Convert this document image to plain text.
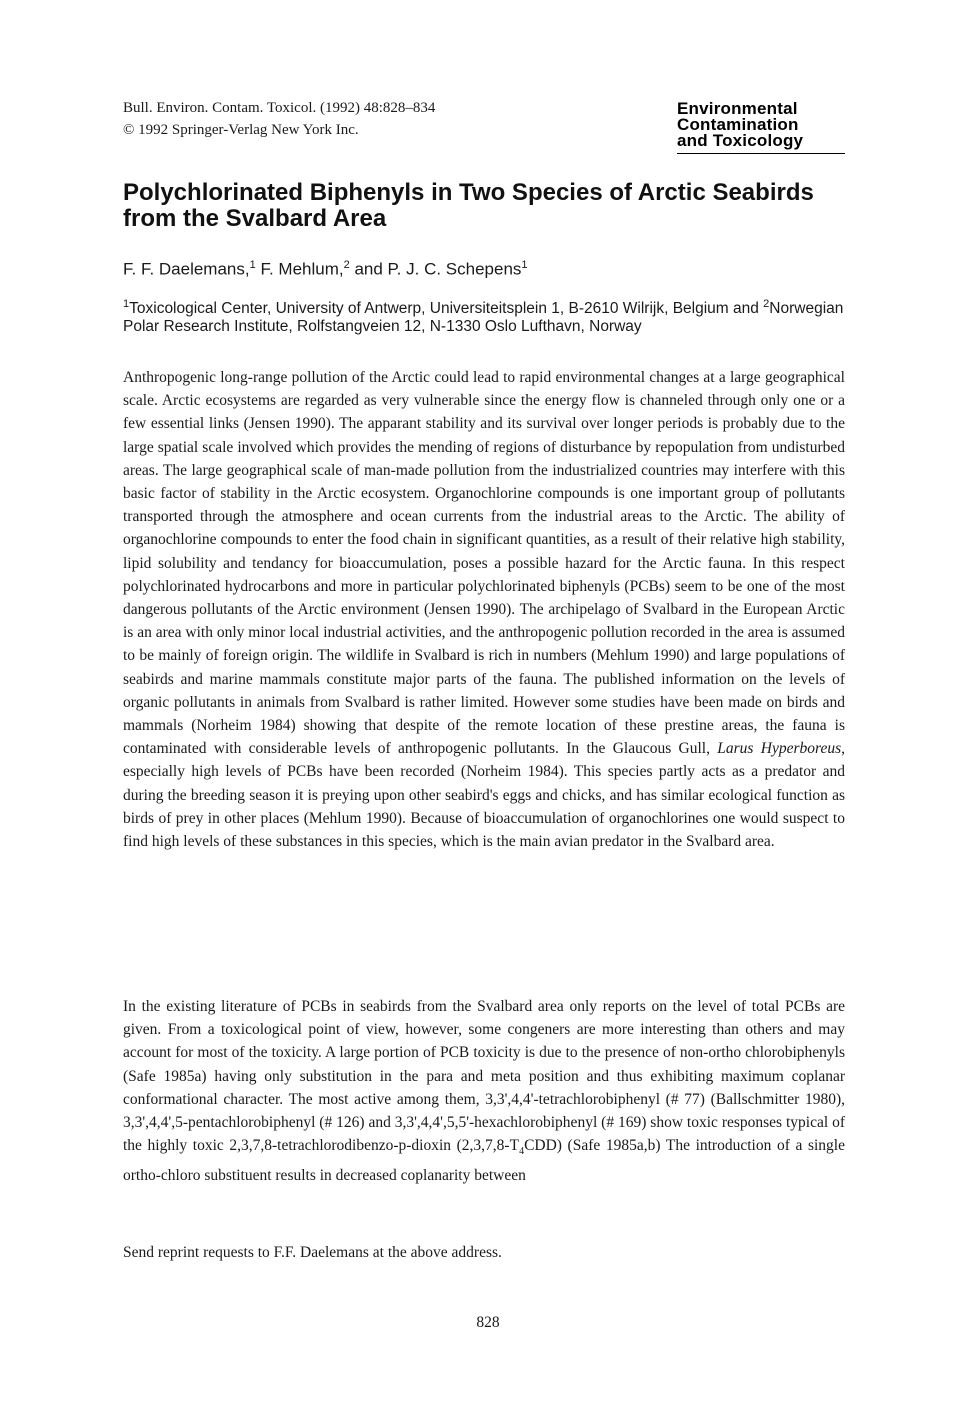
Bull. Environ. Contam. Toxicol. (1992) 48:828–834
© 1992 Springer-Verlag New York Inc.
Environmental
Contamination
and Toxicology
Polychlorinated Biphenyls in Two Species of Arctic Seabirds from the Svalbard Area
F. F. Daelemans,$^1$ F. Mehlum,$^2$ and P. J. C. Schepens$^1$
$^1$Toxicological Center, University of Antwerp, Universiteitsplein 1, B-2610 Wilrijk, Belgium and $^2$Norwegian Polar Research Institute, Rolfstangveien 12, N-1330 Oslo Lufthavn, Norway
Anthropogenic long-range pollution of the Arctic could lead to rapid environmental changes at a large geographical scale. Arctic ecosystems are regarded as very vulnerable since the energy flow is channeled through only one or a few essential links (Jensen 1990). The apparant stability and its survival over longer periods is probably due to the large spatial scale involved which provides the mending of regions of disturbance by repopulation from undisturbed areas. The large geographical scale of man-made pollution from the industrialized countries may interfere with this basic factor of stability in the Arctic ecosystem. Organochlorine compounds is one important group of pollutants transported through the atmosphere and ocean currents from the industrial areas to the Arctic. The ability of organochlorine compounds to enter the food chain in significant quantities, as a result of their relative high stability, lipid solubility and tendancy for bioaccumulation, poses a possible hazard for the Arctic fauna. In this respect polychlorinated hydrocarbons and more in particular polychlorinated biphenyls (PCBs) seem to be one of the most dangerous pollutants of the Arctic environment (Jensen 1990). The archipelago of Svalbard in the European Arctic is an area with only minor local industrial activities, and the anthropogenic pollution recorded in the area is assumed to be mainly of foreign origin. The wildlife in Svalbard is rich in numbers (Mehlum 1990) and large populations of seabirds and marine mammals constitute major parts of the fauna. The published information on the levels of organic pollutants in animals from Svalbard is rather limited. However some studies have been made on birds and mammals (Norheim 1984) showing that despite of the remote location of these prestine areas, the fauna is contaminated with considerable levels of anthropogenic pollutants. In the Glaucous Gull, Larus Hyperboreus, especially high levels of PCBs have been recorded (Norheim 1984). This species partly acts as a predator and during the breeding season it is preying upon other seabird's eggs and chicks, and has similar ecological function as birds of prey in other places (Mehlum 1990). Because of bioaccumulation of organochlorines one would suspect to find high levels of these substances in this species, which is the main avian predator in the Svalbard area.
In the existing literature of PCBs in seabirds from the Svalbard area only reports on the level of total PCBs are given. From a toxicological point of view, however, some congeners are more interesting than others and may account for most of the toxicity. A large portion of PCB toxicity is due to the presence of non-ortho chlorobiphenyls (Safe 1985a) having only substitution in the para and meta position and thus exhibiting maximum coplanar conformational character. The most active among them, 3,3',4,4'-tetrachlorobiphenyl (# 77) (Ballschmitter 1980), 3,3',4,4',5-pentachlorobiphenyl (# 126) and 3,3',4,4',5,5'-hexachlorobiphenyl (# 169) show toxic responses typical of the highly toxic 2,3,7,8-tetrachlorodibenzo-p-dioxin $(2,3,7,8-T_4CDD)$ (Safe 1985a,b) The introduction of a single ortho-chloro substituent results in decreased coplanarity between
Send reprint requests to F.F. Daelemans at the above address.
828
